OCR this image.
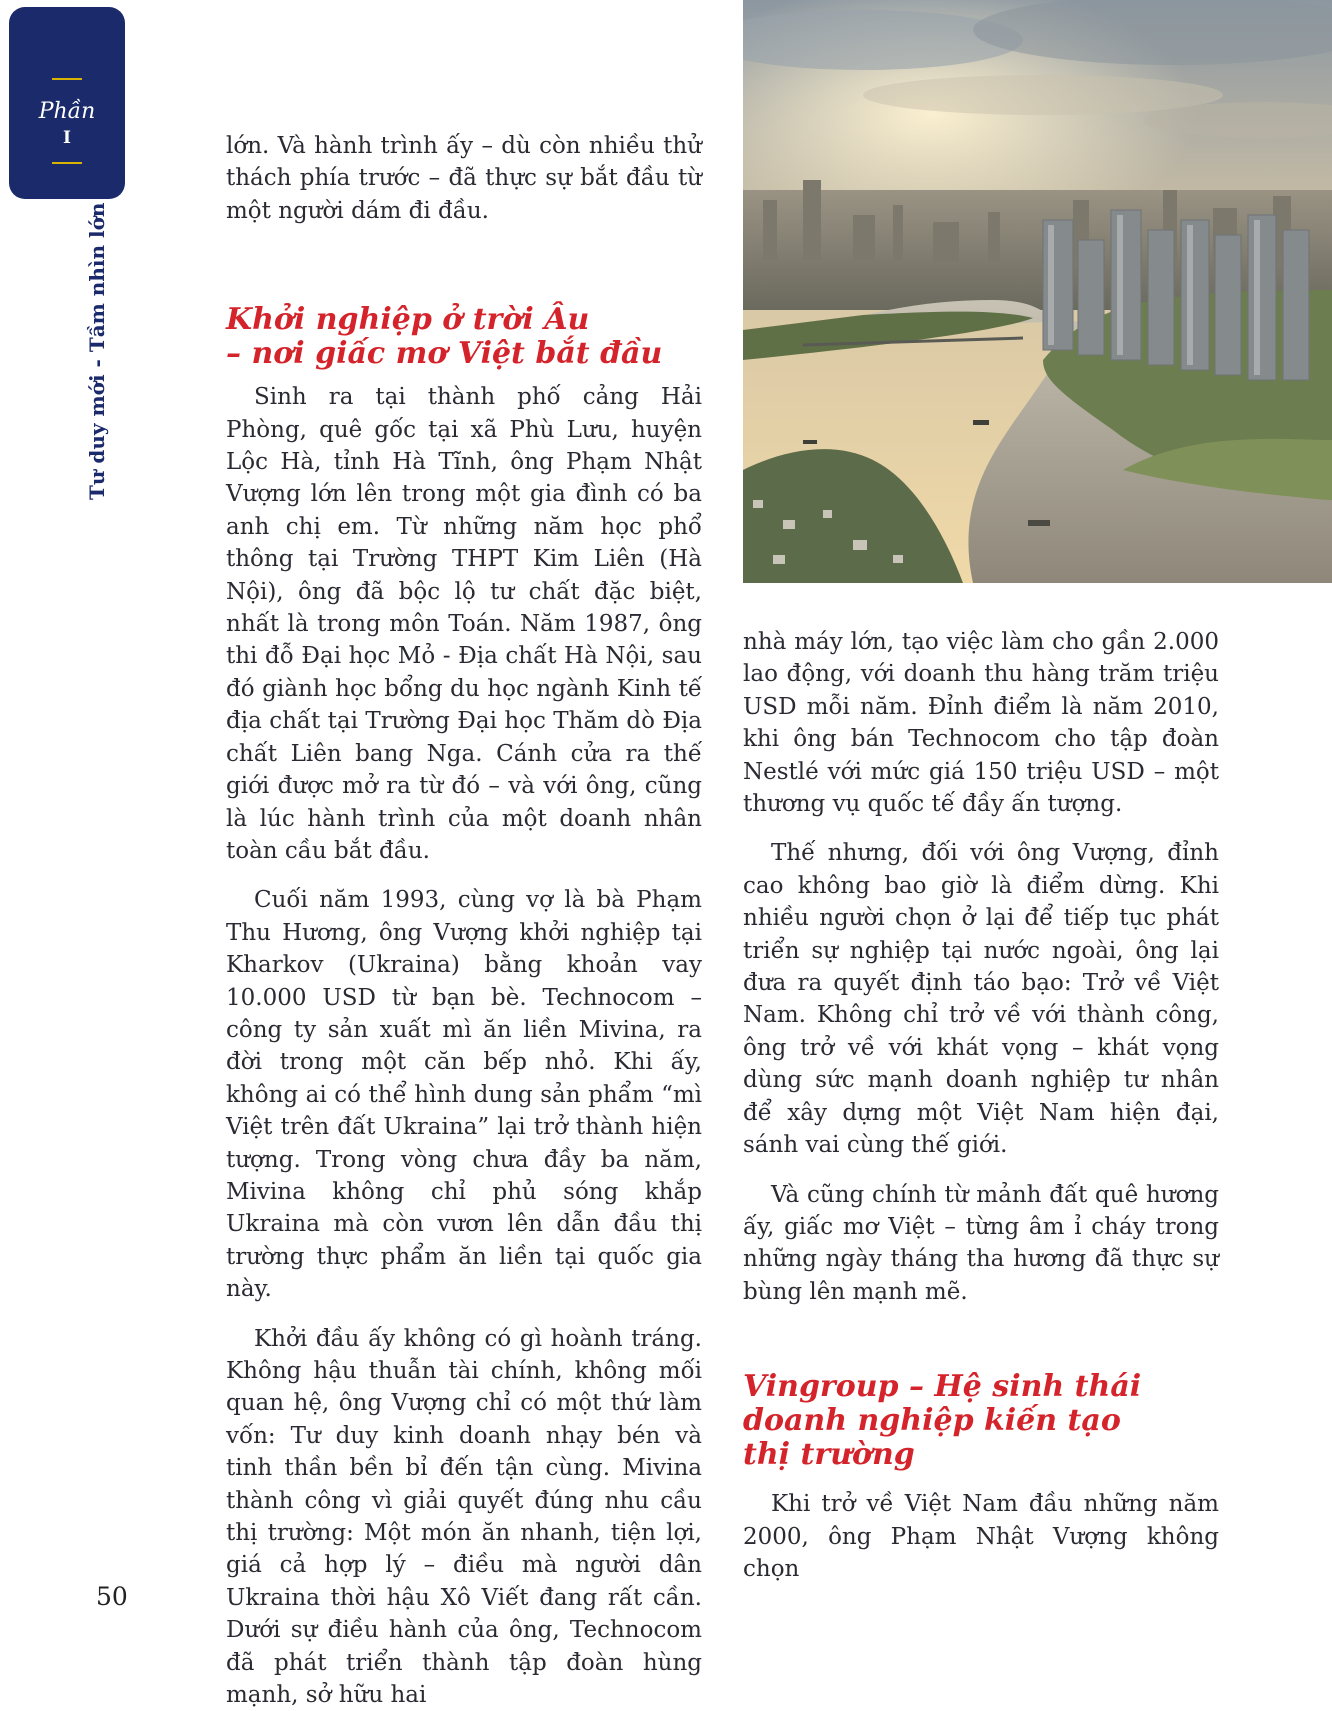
Phần
I
Tư duy mới - Tầm nhìn lớn

lớn. Và hành trình ấy – dù còn nhiều thử thách phía trước – đã thực sự bắt đầu từ một người dám đi đầu.

Khởi nghiệp ở trời Âu
– nơi giấc mơ Việt bắt đầu

Sinh ra tại thành phố cảng Hải Phòng, quê gốc tại xã Phù Lưu, huyện Lộc Hà, tỉnh Hà Tĩnh, ông Phạm Nhật Vượng lớn lên trong một gia đình có ba anh chị em. Từ những năm học phổ thông tại Trường THPT Kim Liên (Hà Nội), ông đã bộc lộ tư chất đặc biệt, nhất là trong môn Toán. Năm 1987, ông thi đỗ Đại học Mỏ - Địa chất Hà Nội, sau đó giành học bổng du học ngành Kinh tế địa chất tại Trường Đại học Thăm dò Địa chất Liên bang Nga. Cánh cửa ra thế giới được mở ra từ đó – và với ông, cũng là lúc hành trình của một doanh nhân toàn cầu bắt đầu.

Cuối năm 1993, cùng vợ là bà Phạm Thu Hương, ông Vượng khởi nghiệp tại Kharkov (Ukraina) bằng khoản vay 10.000 USD từ bạn bè. Technocom – công ty sản xuất mì ăn liền Mivina, ra đời trong một căn bếp nhỏ. Khi ấy, không ai có thể hình dung sản phẩm “mì Việt trên đất Ukraina” lại trở thành hiện tượng. Trong vòng chưa đầy ba năm, Mivina không chỉ phủ sóng khắp Ukraina mà còn vươn lên dẫn đầu thị trường thực phẩm ăn liền tại quốc gia này.

Khởi đầu ấy không có gì hoành tráng. Không hậu thuẫn tài chính, không mối quan hệ, ông Vượng chỉ có một thứ làm vốn: Tư duy kinh doanh nhạy bén và tinh thần bền bỉ đến tận cùng. Mivina thành công vì giải quyết đúng nhu cầu thị trường: Một món ăn nhanh, tiện lợi, giá cả hợp lý – điều mà người dân Ukraina thời hậu Xô Viết đang rất cần. Dưới sự điều hành của ông, Technocom đã phát triển thành tập đoàn hùng mạnh, sở hữu hai

nhà máy lớn, tạo việc làm cho gần 2.000 lao động, với doanh thu hàng trăm triệu USD mỗi năm. Đỉnh điểm là năm 2010, khi ông bán Technocom cho tập đoàn Nestlé với mức giá 150 triệu USD – một thương vụ quốc tế đầy ấn tượng.

Thế nhưng, đối với ông Vượng, đỉnh cao không bao giờ là điểm dừng. Khi nhiều người chọn ở lại để tiếp tục phát triển sự nghiệp tại nước ngoài, ông lại đưa ra quyết định táo bạo: Trở về Việt Nam. Không chỉ trở về với thành công, ông trở về với khát vọng – khát vọng dùng sức mạnh doanh nghiệp tư nhân để xây dựng một Việt Nam hiện đại, sánh vai cùng thế giới.

Và cũng chính từ mảnh đất quê hương ấy, giấc mơ Việt – từng âm ỉ cháy trong những ngày tháng tha hương đã thực sự bùng lên mạnh mẽ.

Vingroup – Hệ sinh thái
doanh nghiệp kiến tạo
thị trường

Khi trở về Việt Nam đầu những năm 2000, ông Phạm Nhật Vượng không chọn

50
